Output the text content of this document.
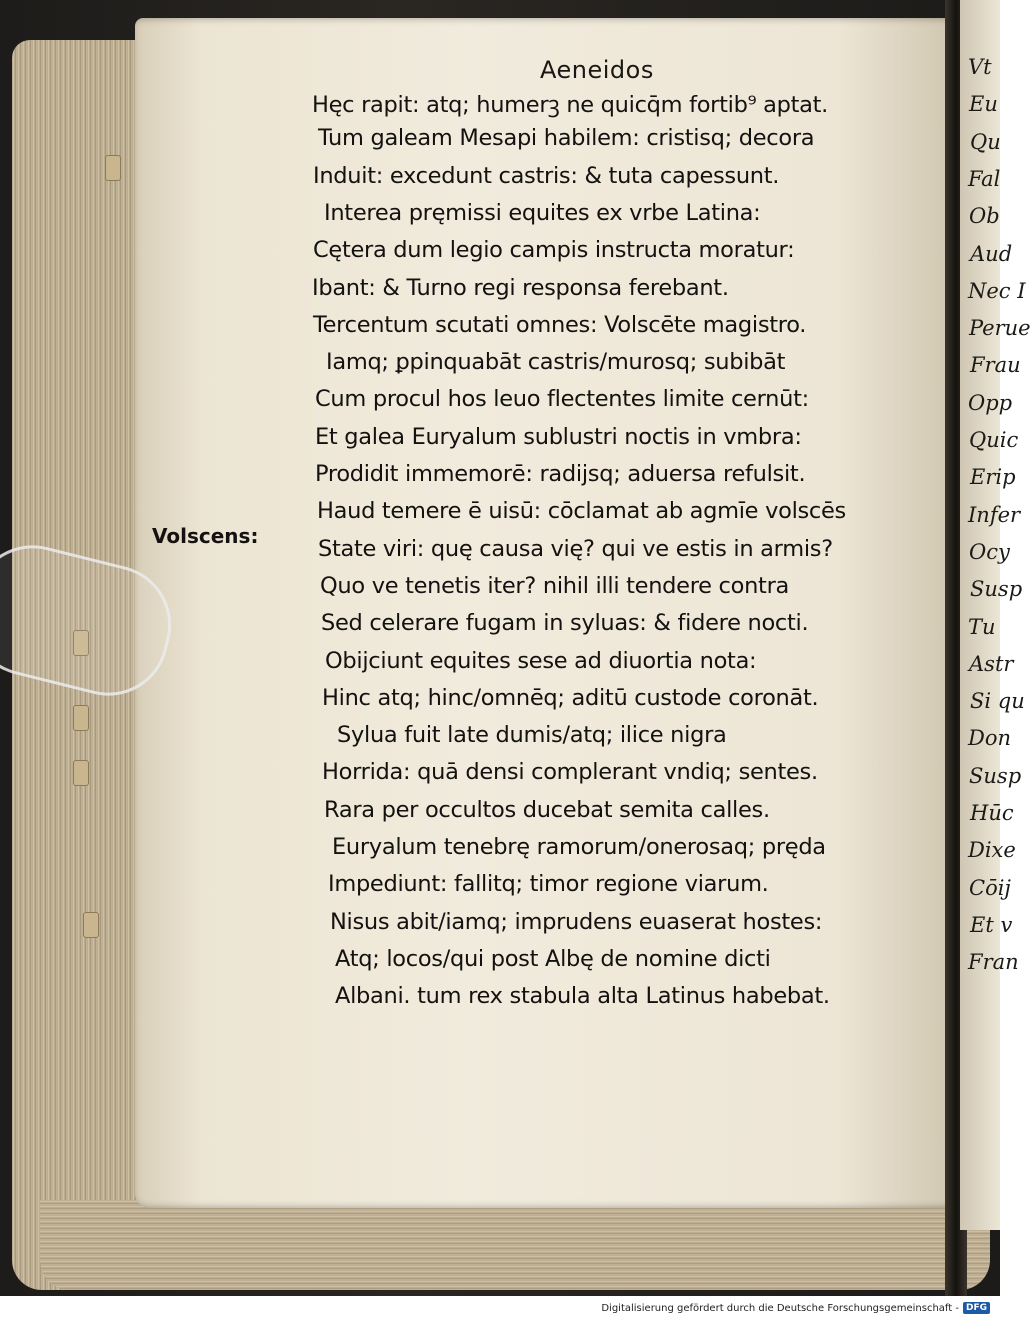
Aeneidos
Volscens:
Hęc rapit: atq; humerꝫ ne quicq̄m fortib⁹ aptat.
Tum galeam Mesapi habilem: cristisq; decora
Induit: excedunt castris: & tuta capessunt.
Interea pręmissi equites ex vrbe Latina:
Cętera dum legio campis instructa moratur:
Ibant: & Turno regi responsa ferebant.
Tercentum scutati omnes: Volscēte magistro.
Iamq; ꝑpinquabāt castris/murosq; subibāt
Cum procul hos leuo flectentes limite cernūt:
Et galea Euryalum sublustri noctis in vmbra:
Prodidit immemorē: radijsq; aduersa refulsit.
Haud temere ē uisū: cōclamat ab agmīe volscēs
State viri: quę causa vię? qui ve estis in armis?
Quo ve tenetis iter? nihil illi tendere contra
Sed celerare fugam in syluas: & fidere nocti.
Obijciunt equites sese ad diuortia nota:
Hinc atq; hinc/omnēq; aditū custode coronāt.
Sylua fuit late dumis/atq; ilice nigra
Horrida: quā densi complerant vndiq; sentes.
Rara per occultos ducebat semita calles.
Euryalum tenebrę ramorum/onerosaq; pręda
Impediunt: fallitq; timor regione viarum.
Nisus abit/iamq; imprudens euaserat hostes:
Atq; locos/qui post Albę de nomine dicti
Albani. tum rex stabula alta Latinus habebat.
Vt
Eu
Qu
Fal
Ob
Aud
Nec I
Perue
Frau
Opp
Quic
Erip
Infer
Ocy
Susp
Tu
Astr
Si qu
Don
Susp
Hūc
Dixe
Cōij
Et v
Fran
Digitalisierung gefördert durch die Deutsche Forschungsgemeinschaft - DFG
